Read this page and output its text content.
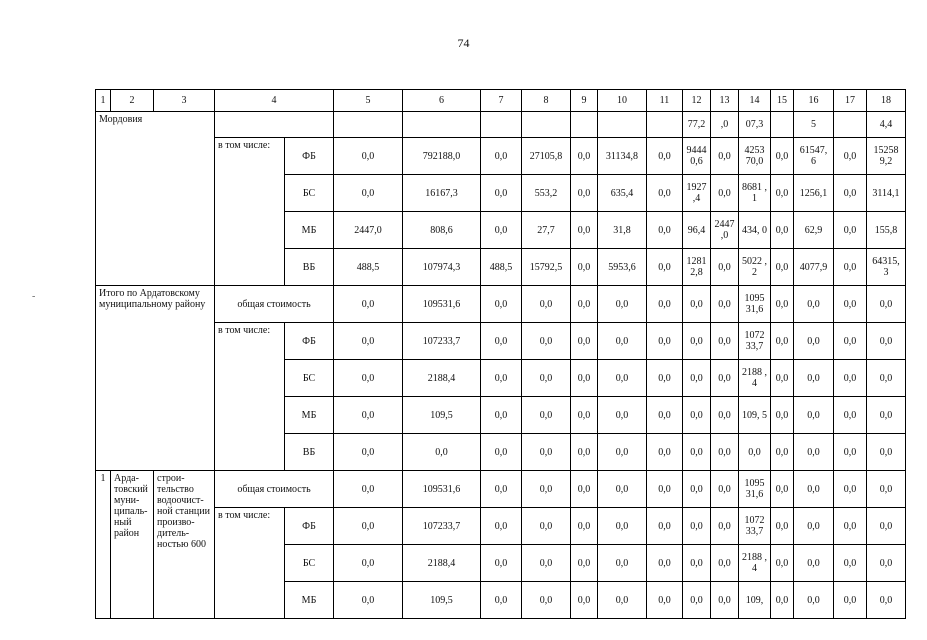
74
-
1	2	3	4		5	6	7	8	9	10	11	12	13	14	15	16	17	18
Мордовия												77,2	,0	07,3		5		4,4
			в том числе:	ФБ	0,0	792188,0	0,0	27105,8	0,0	31134,8	0,0	9444 0,6	0,0	4253 70,0	0,0	61547, 6	0,0	15258 9,2
				БС	0,0	16167,3	0,0	553,2	0,0	635,4	0,0	1927 ,4	0,0	8681 ,1	0,0	1256,1	0,0	3114,1
				МБ	2447,0	808,6	0,0	27,7	0,0	31,8	0,0	96,4	2447 ,0	434, 0	0,0	62,9	0,0	155,8
				ВБ	488,5	107974,3	488,5	15792,5	0,0	5953,6	0,0	1281 2,8	0,0	5022 ,2	0,0	4077,9	0,0	64315, 3
Итого по Ардатовскому муниципальному району			общая стоимость		0,0	109531,6	0,0	0,0	0,0	0,0	0,0	0,0	0,0	1095 31,6	0,0	0,0	0,0	0,0
			в том числе:	ФБ	0,0	107233,7	0,0	0,0	0,0	0,0	0,0	0,0	0,0	1072 33,7	0,0	0,0	0,0	0,0
				БС	0,0	2188,4	0,0	0,0	0,0	0,0	0,0	0,0	0,0	2188 ,4	0,0	0,0	0,0	0,0
				МБ	0,0	109,5	0,0	0,0	0,0	0,0	0,0	0,0	0,0	109, 5	0,0	0,0	0,0	0,0
				ВБ	0,0	0,0	0,0	0,0	0,0	0,0	0,0	0,0	0,0	0,0	0,0	0,0	0,0	0,0
1	Арда- товский муни- ципаль- ный район	строи- тельство водоочист- ной станции произво- дитель- ностью 600	общая стоимость		0,0	109531,6	0,0	0,0	0,0	0,0	0,0	0,0	0,0	1095 31,6	0,0	0,0	0,0	0,0
			в том числе:	ФБ	0,0	107233,7	0,0	0,0	0,0	0,0	0,0	0,0	0,0	1072 33,7	0,0	0,0	0,0	0,0
				БС	0,0	2188,4	0,0	0,0	0,0	0,0	0,0	0,0	0,0	2188 ,4	0,0	0,0	0,0	0,0
				МБ	0,0	109,5	0,0	0,0	0,0	0,0	0,0	0,0	0,0	109,	0,0	0,0	0,0	0,0
